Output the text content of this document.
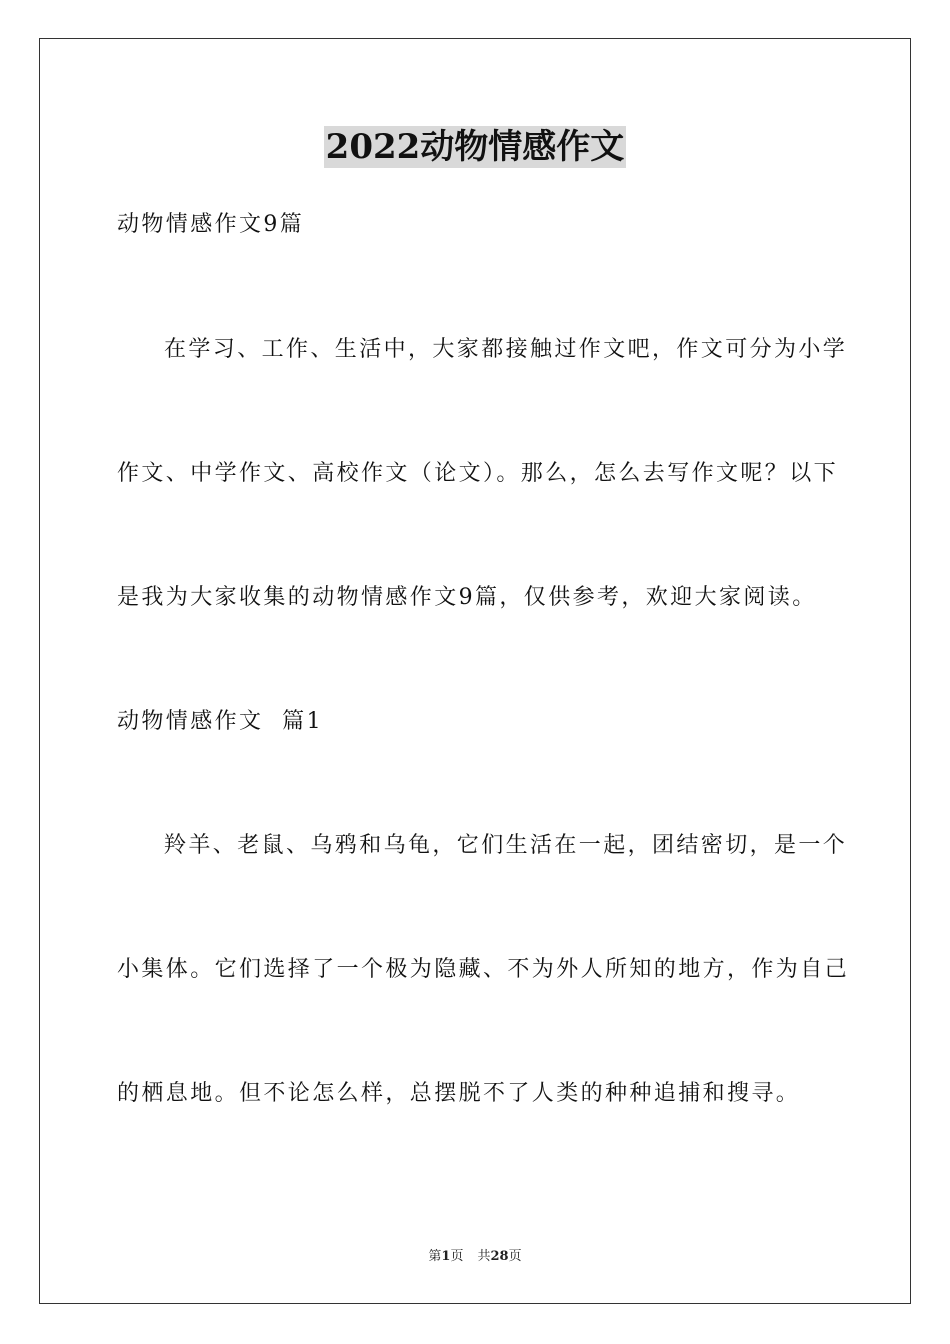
2022动物情感作文
动物情感作文9篇
在学习、工作、生活中，大家都接触过作文吧，作文可分为小学
作文、中学作文、高校作文（论文）。那么，怎么去写作文呢？以下
是我为大家收集的动物情感作文9篇，仅供参考，欢迎大家阅读。
动物情感作文  篇1
羚羊、老鼠、乌鸦和乌龟，它们生活在一起，团结密切，是一个
小集体。它们选择了一个极为隐藏、不为外人所知的地方，作为自己
的栖息地。但不论怎么样，总摆脱不了人类的种种追捕和搜寻。
第1页 共28页
